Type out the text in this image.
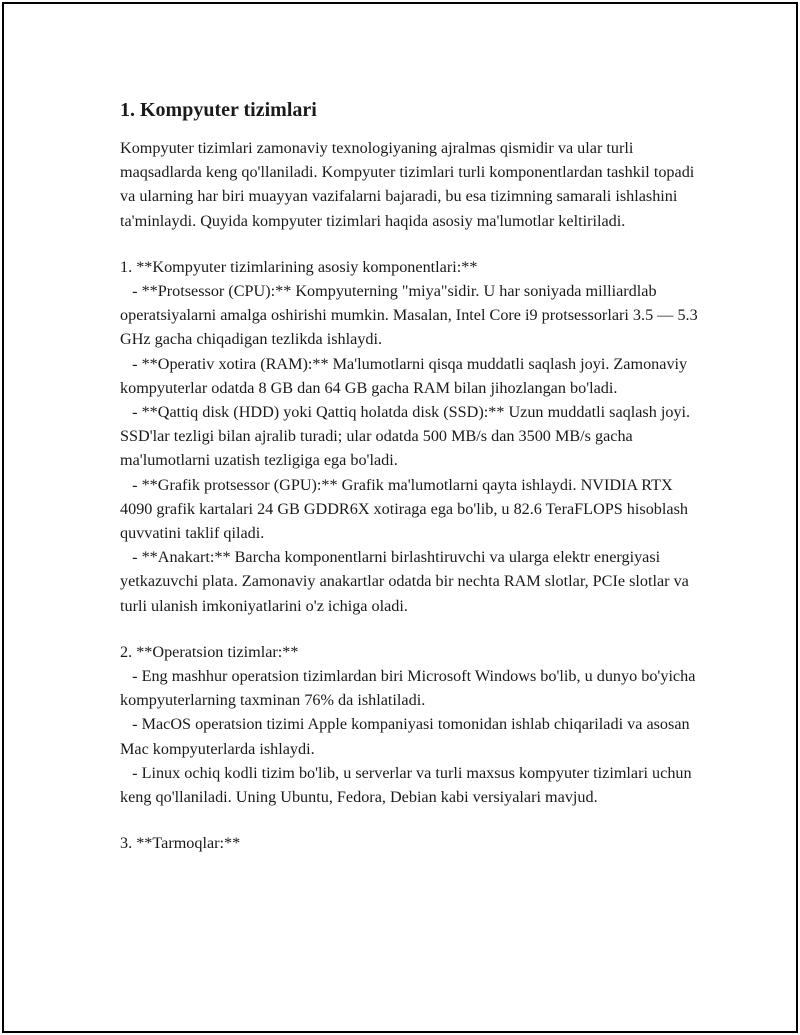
1. Kompyuter tizimlari

Kompyuter tizimlari zamonaviy texnologiyaning ajralmas qismidir va ular turli maqsadlarda keng qo'llaniladi. Kompyuter tizimlari turli komponentlardan tashkil topadi va ularning har biri muayyan vazifalarni bajaradi, bu esa tizimning samarali ishlashini ta'minlaydi. Quyida kompyuter tizimlari haqida asosiy ma'lumotlar keltiriladi.

1. **Kompyuter tizimlarining asosiy komponentlari:**

- **Protsessor (CPU):** Kompyuterning "miya"sidir. U har soniyada milliardlab operatsiyalarni amalga oshirishi mumkin. Masalan, Intel Core i9 protsessorlari 3.5 — 5.3 GHz gacha chiqadigan tezlikda ishlaydi.

- **Operativ xotira (RAM):** Ma'lumotlarni qisqa muddatli saqlash joyi. Zamonaviy kompyuterlar odatda 8 GB dan 64 GB gacha RAM bilan jihozlangan bo'ladi.

- **Qattiq disk (HDD) yoki Qattiq holatda disk (SSD):** Uzun muddatli saqlash joyi. SSD'lar tezligi bilan ajralib turadi; ular odatda 500 MB/s dan 3500 MB/s gacha ma'lumotlarni uzatish tezligiga ega bo'ladi.

- **Grafik protsessor (GPU):** Grafik ma'lumotlarni qayta ishlaydi. NVIDIA RTX 4090 grafik kartalari 24 GB GDDR6X xotiraga ega bo'lib, u 82.6 TeraFLOPS hisoblash quvvatini taklif qiladi.

- **Anakart:** Barcha komponentlarni birlashtiruvchi va ularga elektr energiyasi yetkazuvchi plata. Zamonaviy anakartlar odatda bir nechta RAM slotlar, PCIe slotlar va turli ulanish imkoniyatlarini o'z ichiga oladi.

2. **Operatsion tizimlar:**

- Eng mashhur operatsion tizimlardan biri Microsoft Windows bo'lib, u dunyo bo'yicha kompyuterlarning taxminan 76% da ishlatiladi.

- MacOS operatsion tizimi Apple kompaniyasi tomonidan ishlab chiqariladi va asosan Mac kompyuterlarda ishlaydi.

- Linux ochiq kodli tizim bo'lib, u serverlar va turli maxsus kompyuter tizimlari uchun keng qo'llaniladi. Uning Ubuntu, Fedora, Debian kabi versiyalari mavjud.

3. **Tarmoqlar:**
